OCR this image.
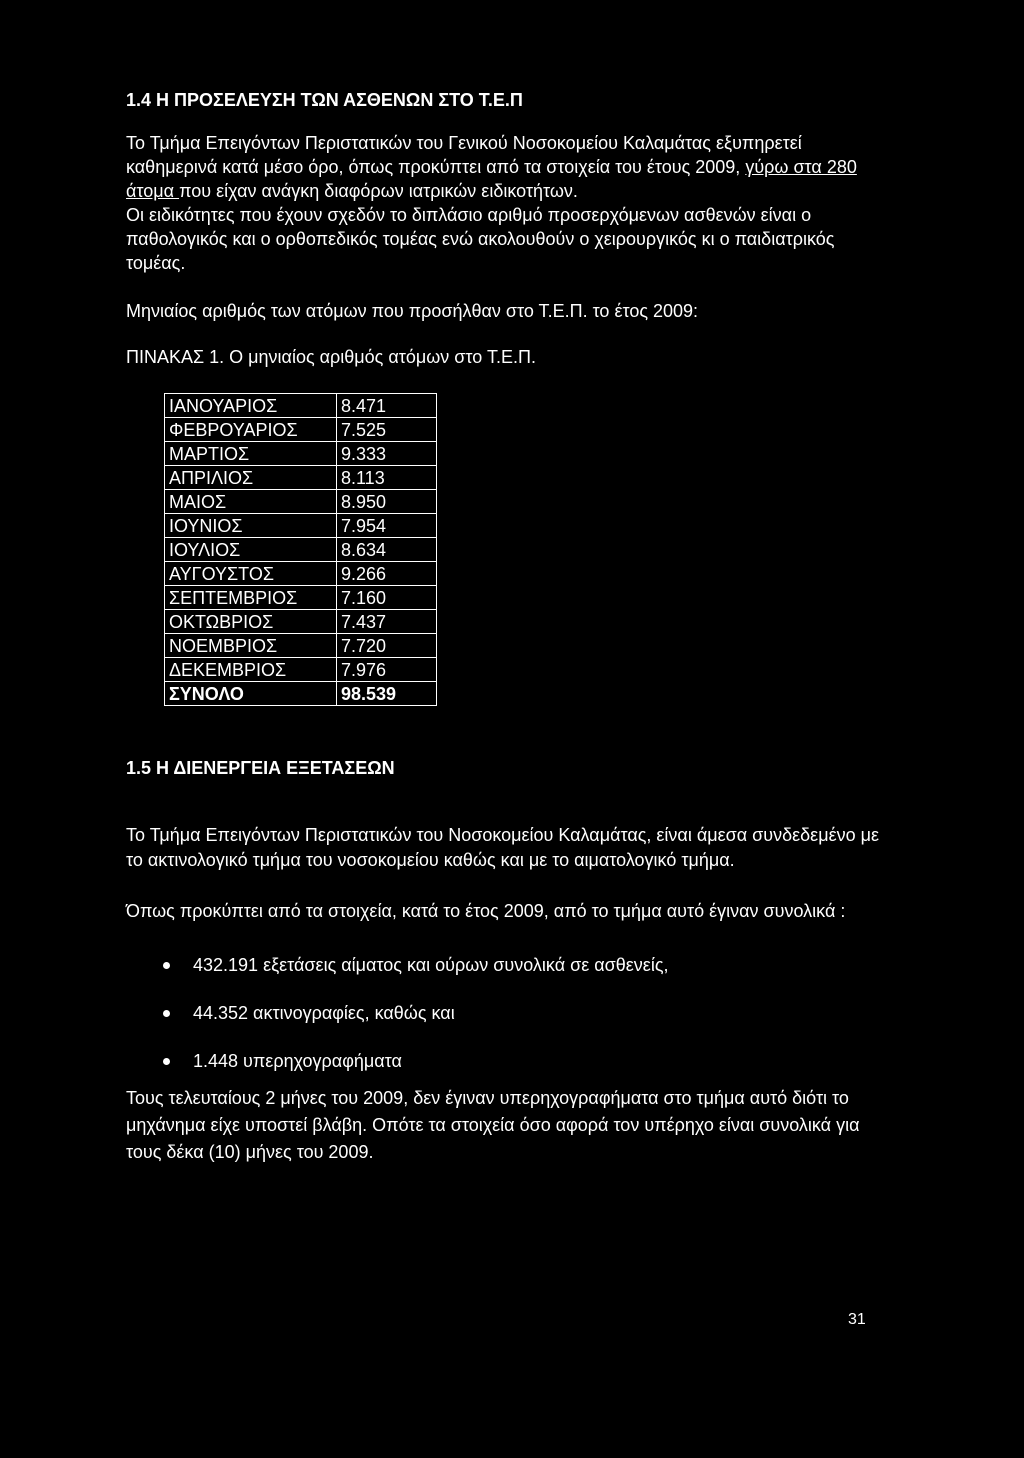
1.4 Η ΠΡΟΣΕΛΕΥΣΗ ΤΩΝ ΑΣΘΕΝΩΝ ΣΤΟ Τ.Ε.Π

Το Τμήμα Επειγόντων Περιστατικών του Γενικού Νοσοκομείου Καλαμάτας εξυπηρετεί καθημερινά κατά μέσο όρο, όπως προκύπτει από τα στοιχεία του έτους 2009, γύρω στα 280 άτομα που είχαν ανάγκη διαφόρων ιατρικών ειδικοτήτων.

Οι ειδικότητες που έχουν σχεδόν το διπλάσιο αριθμό προσερχόμενων ασθενών είναι ο παθολογικός και ο ορθοπεδικός τομέας ενώ ακολουθούν ο χειρουργικός κι ο παιδιατρικός τομέας.

Μηνιαίος αριθμός των ατόμων που προσήλθαν στο Τ.Ε.Π. το έτος 2009:

ΠΙΝΑΚΑΣ 1. Ο μηνιαίος αριθμός ατόμων στο Τ.Ε.Π.

ΙΑΝΟΥΑΡΙΟΣ	8.471
ΦΕΒΡΟΥΑΡΙΟΣ	7.525
ΜΑΡΤΙΟΣ	9.333
ΑΠΡΙΛΙΟΣ	8.113
ΜΑΙΟΣ	8.950
ΙΟΥΝΙΟΣ	7.954
ΙΟΥΛΙΟΣ	8.634
ΑΥΓΟΥΣΤΟΣ	9.266
ΣΕΠΤΕΜΒΡΙΟΣ	7.160
ΟΚΤΩΒΡΙΟΣ	7.437
ΝΟΕΜΒΡΙΟΣ	7.720
ΔΕΚΕΜΒΡΙΟΣ	7.976
ΣΥΝΟΛΟ	98.539
1.5 Η ΔΙΕΝΕΡΓΕΙΑ ΕΞΕΤΑΣΕΩΝ

Το Τμήμα Επειγόντων Περιστατικών του Νοσοκομείου Καλαμάτας, είναι άμεσα συνδεδεμένο με το ακτινολογικό τμήμα του νοσοκομείου καθώς και με το αιματολογικό τμήμα.

Όπως προκύπτει από τα στοιχεία, κατά το έτος 2009, από το τμήμα αυτό έγιναν συνολικά :

432.191 εξετάσεις αίματος και ούρων συνολικά σε ασθενείς,
44.352 ακτινογραφίες, καθώς και
1.448 υπερηχογραφήματα

Τους τελευταίους 2 μήνες του 2009, δεν έγιναν υπερηχογραφήματα στο τμήμα αυτό διότι το μηχάνημα είχε υποστεί βλάβη. Οπότε τα στοιχεία όσο αφορά τον υπέρηχο είναι συνολικά για τους δέκα (10) μήνες του 2009.

31
